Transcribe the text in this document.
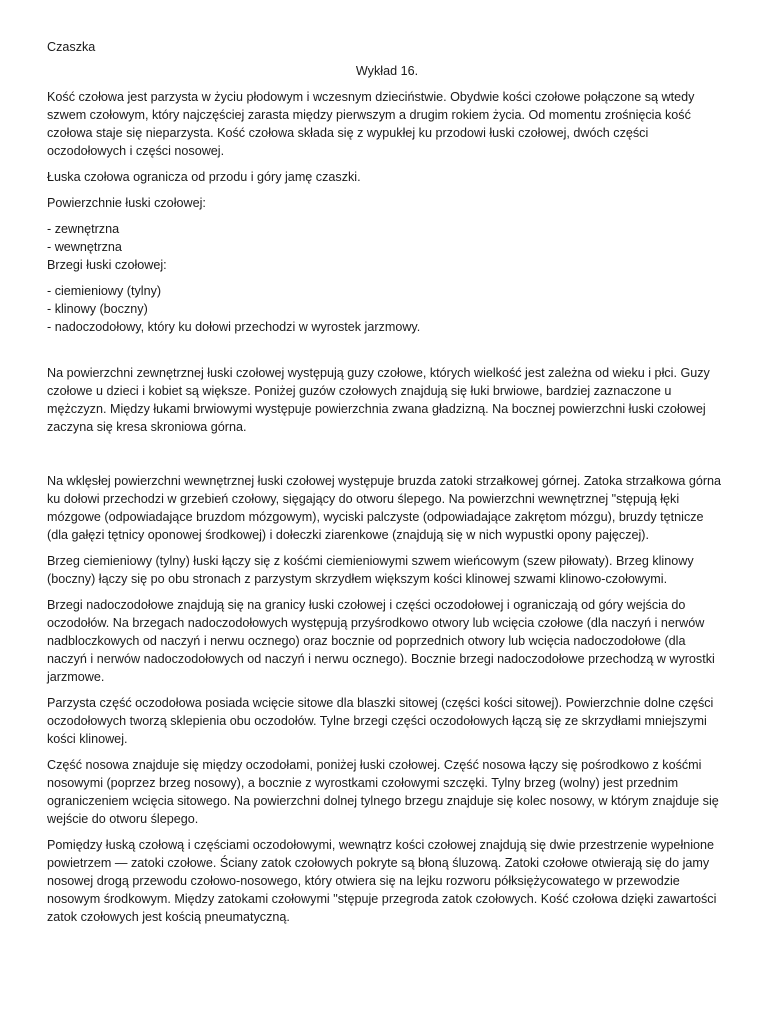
Czaszka
Wykład 16.

Kość czołowa jest parzysta w życiu płodowym i wczesnym dzieciństwie. Obydwie kości czołowe połączone są wtedy szwem czołowym, który najczęściej zarasta między pierwszym a drugim rokiem życia. Od momentu zrośnięcia kość czołowa staje się nieparzysta. Kość czołowa składa się z wypukłej ku przodowi łuski czołowej, dwóch części oczodołowych i części nosowej.

Łuska czołowa ogranicza od przodu i góry jamę czaszki.

Powierzchnie łuski czołowej:

- zewnętrzna
- wewnętrzna
Brzegi łuski czołowej:
- ciemieniowy (tylny)
- klinowy (boczny)
- nadoczodołowy, który ku dołowi przechodzi w wyrostek jarzmowy.

Na powierzchni zewnętrznej łuski czołowej występują guzy czołowe, których wielkość jest zależna od wieku i płci. Guzy czołowe u dzieci i kobiet są większe. Poniżej guzów czołowych znajdują się łuki brwiowe, bardziej zaznaczone u mężczyzn. Między łukami brwiowymi występuje powierzchnia zwana gładzizną. Na bocznej powierzchni łuski czołowej zaczyna się kresa skroniowa górna.

Na wklęsłej powierzchni wewnętrznej łuski czołowej występuje bruzda zatoki strzałkowej górnej. Zatoka strzałkowa górna ku dołowi przechodzi w grzebień czołowy, sięgający do otworu ślepego. Na powierzchni wewnętrznej "stępują łęki mózgowe (odpowiadające bruzdom mózgowym), wyciski palczyste (odpowiadające zakrętom mózgu), bruzdy tętnicze (dla gałęzi tętnicy oponowej środkowej) i dołeczki ziarenkowe (znajdują się w nich wypustki opony pajęczej).

Brzeg ciemieniowy (tylny) łuski łączy się z kośćmi ciemieniowymi szwem wieńcowym (szew piłowaty). Brzeg klinowy (boczny) łączy się po obu stronach z parzystym skrzydłem większym kości klinowej szwami klinowo-czołowymi.

Brzegi nadoczodołowe znajdują się na granicy łuski czołowej i części oczodołowej i ograniczają od góry wejścia do oczodołów. Na brzegach nadoczodołowych występują przyśrodkowo otwory lub wcięcia czołowe (dla naczyń i nerwów nadbloczkowych od naczyń i nerwu ocznego) oraz bocznie od poprzednich otwory lub wcięcia nadoczodołowe (dla naczyń i nerwów nadoczodołowych od naczyń i nerwu ocznego). Bocznie brzegi nadoczodołowe przechodzą w wyrostki jarzmowe.

Parzysta część oczodołowa posiada wcięcie sitowe dla blaszki sitowej (części kości sitowej). Powierzchnie dolne części oczodołowych tworzą sklepienia obu oczodołów. Tylne brzegi części oczodołowych łączą się ze skrzydłami mniejszymi kości klinowej.

Część nosowa znajduje się między oczodołami, poniżej łuski czołowej. Część nosowa łączy się pośrodkowo z kośćmi nosowymi (poprzez brzeg nosowy), a bocznie z wyrostkami czołowymi szczęki. Tylny brzeg (wolny) jest przednim ograniczeniem wcięcia sitowego. Na powierzchni dolnej tylnego brzegu znajduje się kolec nosowy, w którym znajduje się wejście do otworu ślepego.

Pomiędzy łuską czołową i częściami oczodołowymi, wewnątrz kości czołowej znajdują się dwie przestrzenie wypełnione powietrzem — zatoki czołowe. Ściany zatok czołowych pokryte są błoną śluzową. Zatoki czołowe otwierają się do jamy nosowej drogą przewodu czołowo-nosowego, który otwiera się na lejku rozworu półksiężycowatego w przewodzie nosowym środkowym. Między zatokami czołowymi "stępuje przegroda zatok czołowych. Kość czołowa dzięki zawartości zatok czołowych jest kością pneumatyczną.
